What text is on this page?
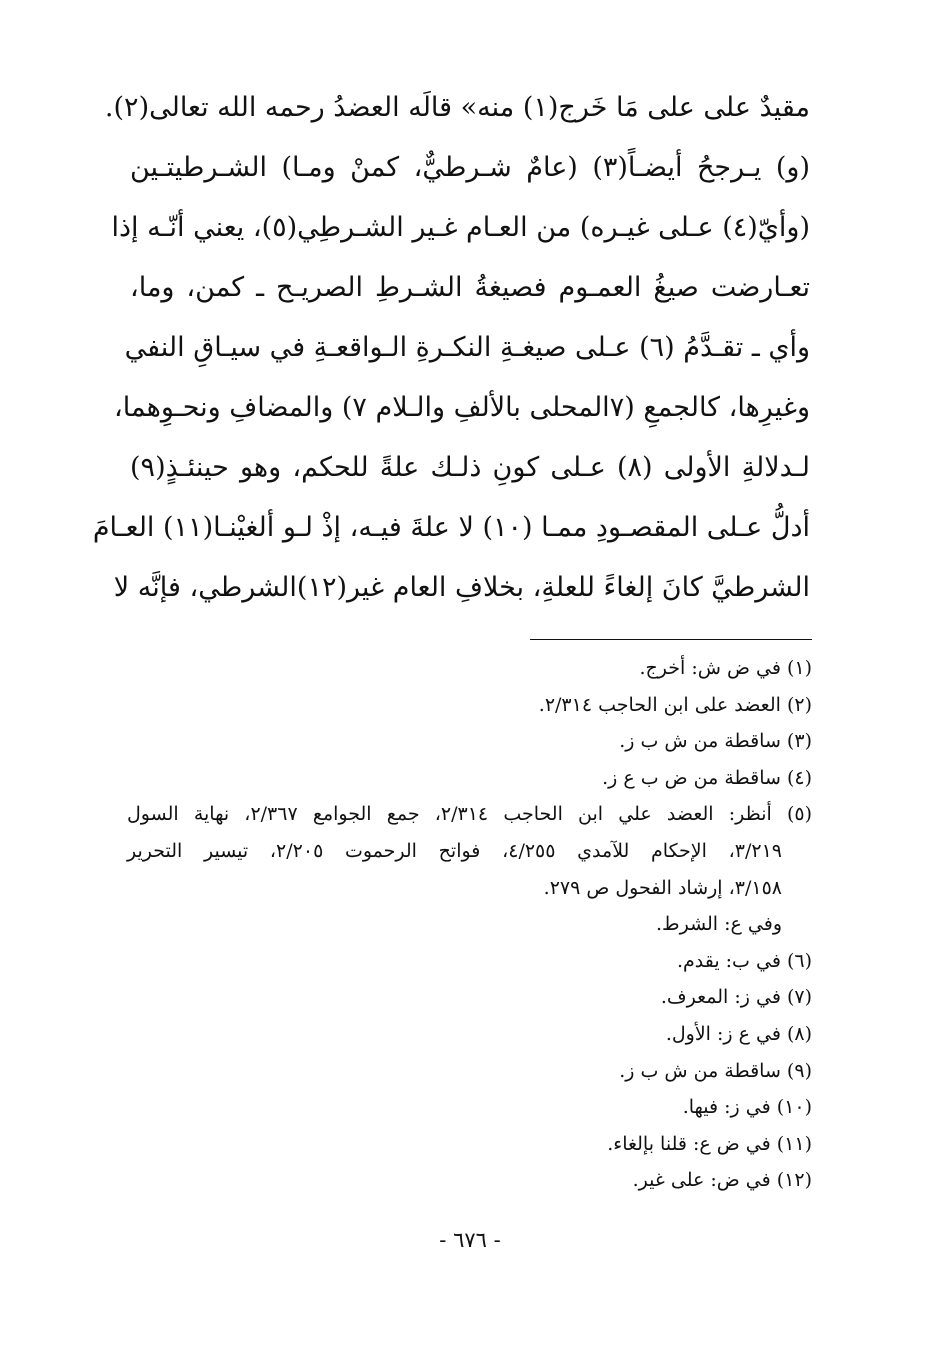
مقيدٌ على على مَا خَرج(١) منه» قالَه العضدُ رحمه الله تعالى(٢).
(و) يـرجحُ أيضـاً(٣) (عامٌ شـرطيٌّ، كمنْ ومـا) الشـرطيتـين
(وأيّ(٤) عـلى غيـره) من العـام غـير الشـرطِي(٥)، يعني أنّـه إذا
تعـارضت صيغُ العمـوم فصيغةُ الشـرطِ الصريـح ـ كمن، وما،
وأي ـ تقـدَّمُ (٦) عـلى صيغـةِ النكـرةِ الـواقعـةِ في سيـاقِ النفي
وغيرِها، كالجمعِ (٧المحلى بالألفِ والـلام ٧) والمضافِ ونحـوِهما،
لـدلالةِ الأولى (٨) عـلى كونِ ذلـك علةً للحكم، وهو حينئـذٍ(٩)
أدلُّ عـلى المقصـودِ ممـا (١٠) لا علةَ فيـه، إذْ لـو ألغيْنـا(١١) العـامَ
الشرطيَّ كانَ إلغاءً للعلةِ، بخلافِ العام غير(١٢)الشرطي، فإنَّه لا
(١) في ض ش: أخرج.
(٢) العضد على ابن الحاجب ٢/٣١٤.
(٣) ساقطة من ش ب ز.
(٤) ساقطة من ض ب ع ز.
(٥) أنظر: العضد علي ابن الحاجب ٢/٣١٤، جمع الجوامع ٢/٣٦٧، نهاية السول
٣/٢١٩، الإحكام للآمدي ٤/٢٥٥، فواتح الرحموت ٢/٢٠٥، تيسير التحرير
٣/١٥٨، إرشاد الفحول ص ٢٧٩.
وفي ع: الشرط.
(٦) في ب: يقدم.
(٧) في ز: المعرف.
(٨) في ع ز: الأول.
(٩) ساقطة من ش ب ز.
(١٠) في ز: فيها.
(١١) في ض ع: قلنا بإلغاء.
(١٢) في ض: على غير.
- ٦٧٦ -
